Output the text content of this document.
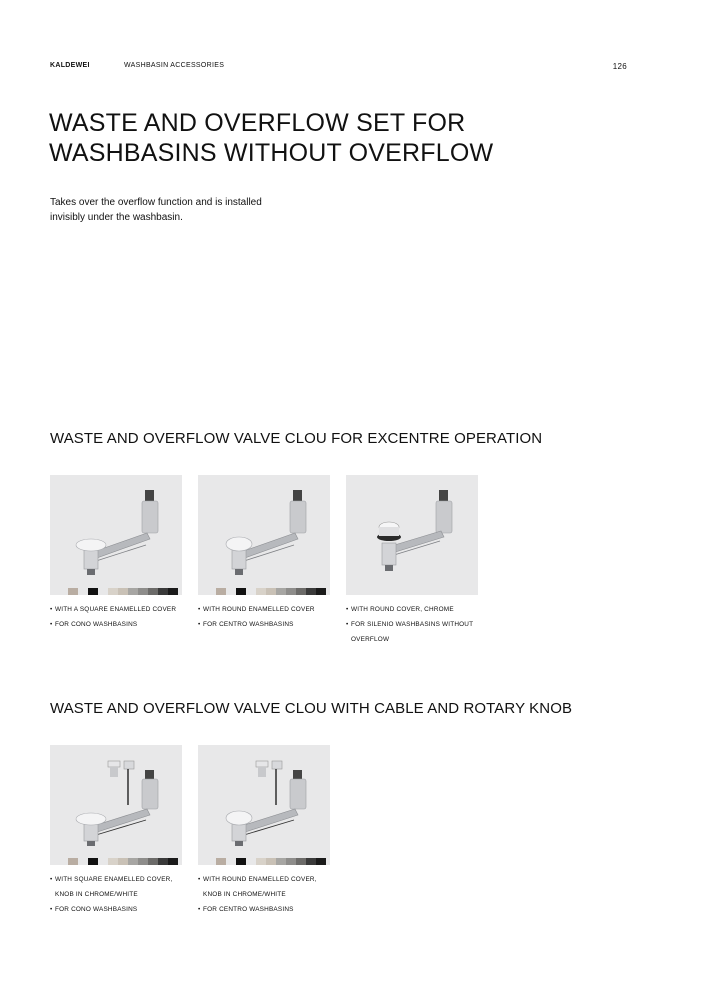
KALDEWEI	WASHBASIN ACCESSORIES	126
WASTE AND OVERFLOW SET FOR
WASHBASINS WITHOUT OVERFLOW

Takes over the overflow function and is installed
invisibly under the washbasin.

WASTE AND OVERFLOW VALVE CLOU FOR EXCENTRE OPERATION
• WITH A SQUARE ENAMELLED COVER
• FOR CONO WASHBASINS
• WITH ROUND ENAMELLED COVER
• FOR CENTRO WASHBASINS
• WITH ROUND COVER, CHROME
• FOR SILENIO WASHBASINS WITHOUT
OVERFLOW
WASTE AND OVERFLOW VALVE CLOU WITH CABLE AND ROTARY KNOB
• WITH SQUARE ENAMELLED COVER,
KNOB IN CHROME/WHITE
• FOR CONO WASHBASINS
• WITH ROUND ENAMELLED COVER,
KNOB IN CHROME/WHITE
• FOR CENTRO WASHBASINS
